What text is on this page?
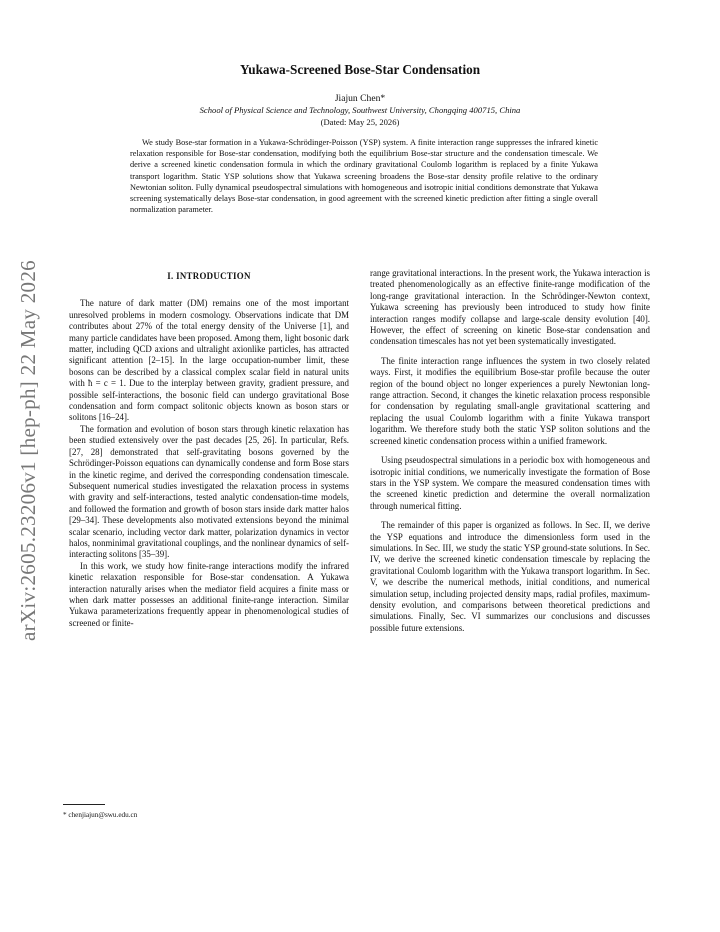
arXiv:2605.23206v1 [hep-ph] 22 May 2026
Yukawa-Screened Bose-Star Condensation
Jiajun Chen*
School of Physical Science and Technology, Southwest University, Chongqing 400715, China
(Dated: May 25, 2026)

We study Bose-star formation in a Yukawa-Schrödinger-Poisson (YSP) system. A finite interaction range suppresses the infrared kinetic relaxation responsible for Bose-star condensation, modifying both the equilibrium Bose-star structure and the condensation timescale. We derive a screened kinetic condensation formula in which the ordinary gravitational Coulomb logarithm is replaced by a finite Yukawa transport logarithm. Static YSP solutions show that Yukawa screening broadens the Bose-star density profile relative to the ordinary Newtonian soliton. Fully dynamical pseudospectral simulations with homogeneous and isotropic initial conditions demonstrate that Yukawa screening systematically delays Bose-star condensation, in good agreement with the screened kinetic prediction after fitting a single overall normalization parameter.

I. INTRODUCTION

The nature of dark matter (DM) remains one of the most important unresolved problems in modern cosmology. Observations indicate that DM contributes about 27% of the total energy density of the Universe [1], and many particle candidates have been proposed. Among them, light bosonic dark matter, including QCD axions and ultralight axionlike particles, has attracted significant attention [2–15]. In the large occupation-number limit, these bosons can be described by a classical complex scalar field in natural units with ħ = c = 1. Due to the interplay between gravity, gradient pressure, and possible self-interactions, the bosonic field can undergo gravitational Bose condensation and form compact solitonic objects known as boson stars or solitons [16–24].

The formation and evolution of boson stars through kinetic relaxation has been studied extensively over the past decades [25, 26]. In particular, Refs. [27, 28] demonstrated that self-gravitating bosons governed by the Schrödinger-Poisson equations can dynamically condense and form Bose stars in the kinetic regime, and derived the corresponding condensation timescale. Subsequent numerical studies investigated the relaxation process in systems with gravity and self-interactions, tested analytic condensation-time models, and followed the formation and growth of boson stars inside dark matter halos [29–34]. These developments also motivated extensions beyond the minimal scalar scenario, including vector dark matter, polarization dynamics in vector halos, nonminimal gravitational couplings, and the nonlinear dynamics of self-interacting solitons [35–39].

In this work, we study how finite-range interactions modify the infrared kinetic relaxation responsible for Bose-star condensation. A Yukawa interaction naturally arises when the mediator field acquires a finite mass or when dark matter possesses an additional finite-range interaction. Similar Yukawa parameterizations frequently appear in phenomenological studies of screened or finite-

range gravitational interactions. In the present work, the Yukawa interaction is treated phenomenologically as an effective finite-range modification of the long-range gravitational interaction. In the Schrödinger-Newton context, Yukawa screening has previously been introduced to study how finite interaction ranges modify collapse and large-scale density evolution [40]. However, the effect of screening on kinetic Bose-star condensation and condensation timescales has not yet been systematically investigated.

The finite interaction range influences the system in two closely related ways. First, it modifies the equilibrium Bose-star profile because the outer region of the bound object no longer experiences a purely Newtonian long-range attraction. Second, it changes the kinetic relaxation process responsible for condensation by regulating small-angle gravitational scattering and replacing the usual Coulomb logarithm with a finite Yukawa transport logarithm. We therefore study both the static YSP soliton solutions and the screened kinetic condensation process within a unified framework.

Using pseudospectral simulations in a periodic box with homogeneous and isotropic initial conditions, we numerically investigate the formation of Bose stars in the YSP system. We compare the measured condensation times with the screened kinetic prediction and determine the overall normalization through numerical fitting.

The remainder of this paper is organized as follows. In Sec. II, we derive the YSP equations and introduce the dimensionless form used in the simulations. In Sec. III, we study the static YSP ground-state solutions. In Sec. IV, we derive the screened kinetic condensation timescale by replacing the gravitational Coulomb logarithm with the Yukawa transport logarithm. In Sec. V, we describe the numerical methods, initial conditions, and numerical simulation setup, including projected density maps, radial profiles, maximum-density evolution, and comparisons between theoretical predictions and simulations. Finally, Sec. VI summarizes our conclusions and discusses possible future extensions.

* chenjiajun@swu.edu.cn
